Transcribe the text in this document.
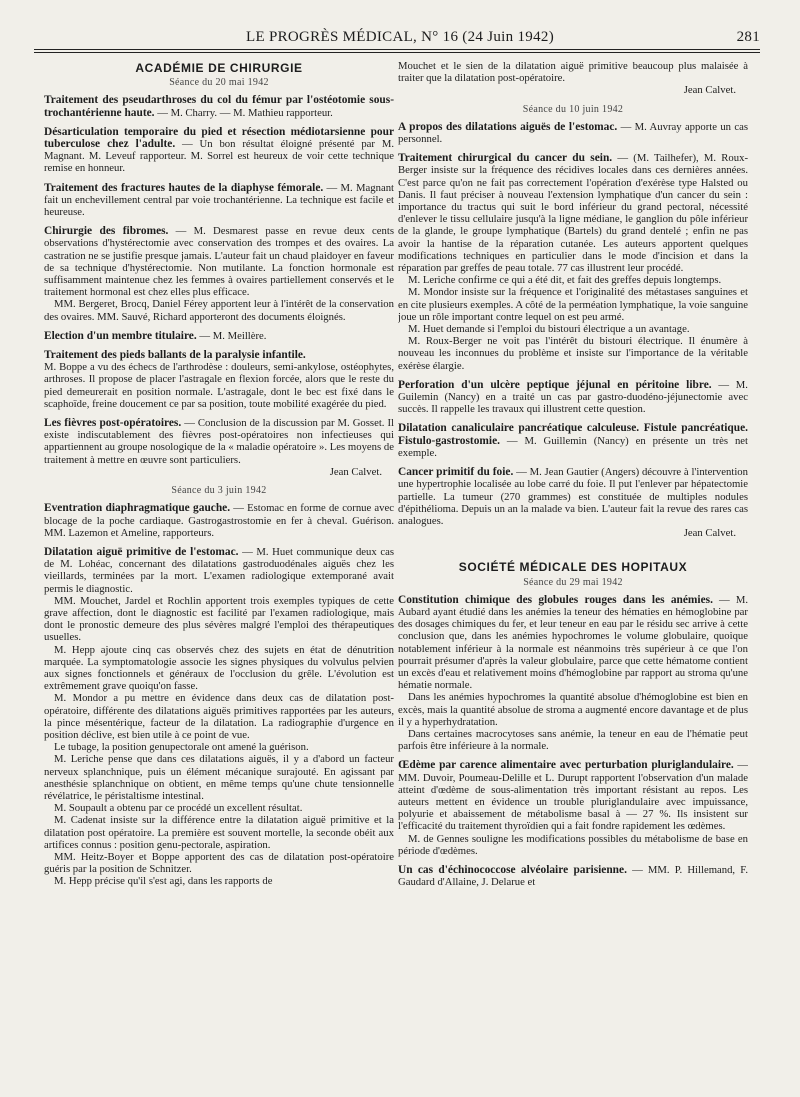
LE PROGRÈS MÉDICAL, N° 16 (24 Juin 1942)	281
ACADÉMIE DE CHIRURGIE
Séance du 20 mai 1942

Traitement des pseudarthroses du col du fémur par l'ostéotomie sous-trochantérienne haute. — M. Charry. — M. Mathieu rapporteur.

Désarticulation temporaire du pied et résection médiotarsienne pour tuberculose chez l'adulte. — Un bon résultat éloigné présenté par M. Magnant. M. Leveuf rapporteur. M. Sorrel est heureux de voir cette technique remise en honneur.

Traitement des fractures hautes de la diaphyse fémorale. — M. Magnant fait un enchevillement central par voie trochantérienne. La technique est facile et heureuse.

Chirurgie des fibromes. — M. Desmarest passe en revue deux cents observations d'hystérectomie avec conservation des trompes et des ovaires. La castration ne se justifie presque jamais. L'auteur fait un chaud plaidoyer en faveur de sa technique d'hystérectomie. Non mutilante. La fonction hormonale est suffisamment maintenue chez les femmes à ovaires partiellement conservés et le traitement hormonal est chez elles plus efficace.

MM. Bergeret, Brocq, Daniel Férey apportent leur à l'intérêt de la conservation des ovaires. MM. Sauvé, Richard apporteront des documents éloignés.

Election d'un membre titulaire. — M. Meillère.

Traitement des pieds ballants de la paralysie infantile.
M. Boppe a vu des échecs de l'arthrodèse : douleurs, semi-ankylose, ostéophytes, arthroses. Il propose de placer l'astragale en flexion forcée, alors que le reste du pied demeurerait en position normale. L'astragale, dont le bec est fixé dans le scaphoïde, freine doucement ce par sa position, toute mobilité exagérée du pied.

Les fièvres post-opératoires. — Conclusion de la discussion par M. Gosset. Il existe indiscutablement des fièvres post-opératoires non infectieuses qui appartiennent au groupe nosologique de la « maladie opératoire ». Les moyens de traitement à mettre en œuvre sont particuliers.

Jean Calvet.
Séance du 3 juin 1942

Eventration diaphragmatique gauche. — Estomac en forme de cornue avec blocage de la poche cardiaque. Gastrogastrostomie en fer à cheval. Guérison. MM. Lazemon et Ameline, rapporteurs.

Dilatation aiguë primitive de l'estomac. — M. Huet communique deux cas de M. Lohéac, concernant des dilatations gastroduodénales aiguës chez les vieillards, terminées par la mort. L'examen radiologique extemporané avait permis le diagnostic.

MM. Mouchet, Jardel et Rochlin apportent trois exemples typiques de cette grave affection, dont le diagnostic est facilité par l'examen radiologique, mais dont le pronostic demeure des plus sévères malgré l'emploi des thérapeutiques usuelles.

M. Hepp ajoute cinq cas observés chez des sujets en état de dénutrition marquée. La symptomatologie associe les signes physiques du volvulus pelvien aux signes fonctionnels et généraux de l'occlusion du grêle. L'évolution est extrêmement grave quoiqu'on fasse.

M. Mondor a pu mettre en évidence dans deux cas de dilatation post-opératoire, différente des dilatations aiguës primitives rapportées par les auteurs, la pince mésentérique, facteur de la dilatation. La radiographie d'urgence en position déclive, est bien utile à ce point de vue.

Le tubage, la position genupectorale ont amené la guérison.

M. Leriche pense que dans ces dilatations aiguës, il y a d'abord un facteur nerveux splanchnique, puis un élément mécanique surajouté. En agissant par anesthésie splanchnique on obtient, en même temps qu'une chute tensionnelle révélatrice, le péristaltisme intestinal.

M. Soupault a obtenu par ce procédé un excellent résultat.

M. Cadenat insiste sur la différence entre la dilatation aiguë primitive et la dilatation post opératoire. La première est souvent mortelle, la seconde obéit aux artifices connus : position genu-pectorale, aspiration.

MM. Heitz-Boyer et Boppe apportent des cas de dilatation post-opératoire guéris par la position de Schnitzer.

M. Hepp précise qu'il s'est agi, dans les rapports de

Mouchet et le sien de la dilatation aiguë primitive beaucoup plus malaisée à traiter que la dilatation post-opératoire.

Jean Calvet.
Séance du 10 juin 1942

A propos des dilatations aiguës de l'estomac. — M. Auvray apporte un cas personnel.

Traitement chirurgical du cancer du sein. — (M. Tailhefer), M. Roux-Berger insiste sur la fréquence des récidives locales dans ces dernières années. C'est parce qu'on ne fait pas correctement l'opération d'exérèse type Halsted ou Danis. Il faut préciser à nouveau l'extension lymphatique d'un cancer du sein : importance du tractus qui suit le bord inférieur du grand pectoral, nécessité d'enlever le tissu cellulaire jusqu'à la ligne médiane, le ganglion du pôle inférieur de la glande, le groupe lymphatique (Bartels) du grand dentelé ; enfin ne pas avoir la hantise de la réparation cutanée. Les auteurs apportent quelques modifications techniques en particulier dans le mode d'incision et dans la réparation par greffes de peau totale. 77 cas illustrent leur procédé.

M. Leriche confirme ce qui a été dit, et fait des greffes depuis longtemps.

M. Mondor insiste sur la fréquence et l'originalité des métastases sanguines et en cite plusieurs exemples. A côté de la perméation lymphatique, la voie sanguine joue un rôle important contre lequel on est peu armé.

M. Huet demande si l'emploi du bistouri électrique a un avantage.

M. Roux-Berger ne voit pas l'intérêt du bistouri électrique. Il énumère à nouveau les inconnues du problème et insiste sur l'importance de la véritable exérèse élargie.

Perforation d'un ulcère peptique jéjunal en péritoine libre. — M. Guilemin (Nancy) en a traité un cas par gastro-duodéno-jéjunectomie avec succès. Il rappelle les travaux qui illustrent cette question.

Dilatation canaliculaire pancréatique calculeuse. Fistule pancréatique. Fistulo-gastrostomie. — M. Guillemin (Nancy) en présente un très net exemple.

Cancer primitif du foie. — M. Jean Gautier (Angers) découvre à l'intervention une hypertrophie localisée au lobe carré du foie. Il put l'enlever par hépatectomie partielle. La tumeur (270 grammes) est constituée de multiples nodules d'épithélioma. Depuis un an la malade va bien. L'auteur fait la revue des rares cas analogues.

Jean Calvet.
SOCIÉTÉ MÉDICALE DES HOPITAUX
Séance du 29 mai 1942

Constitution chimique des globules rouges dans les anémies. — M. Aubard ayant étudié dans les anémies la teneur des hématies en hémoglobine par des dosages chimiques du fer, et leur teneur en eau par le résidu sec arrive à cette conclusion que, dans les anémies hypochromes le volume globulaire, quoique notablement inférieur à la normale est néanmoins très supérieur à ce que l'on pourrait présumer d'après la valeur globulaire, parce que cette hématome contient un excès d'eau et relativement moins d'hémoglobine par rapport au stroma qu'une hématie normale.

Dans les anémies hypochromes la quantité absolue d'hémoglobine est bien en excès, mais la quantité absolue de stroma a augmenté encore davantage et de plus il y a hyperhydratation.

Dans certaines macrocytoses sans anémie, la teneur en eau de l'hématie peut parfois être inférieure à la normale.

Œdème par carence alimentaire avec perturbation pluriglandulaire. — MM. Duvoir, Poumeau-Delille et L. Durupt rapportent l'observation d'un malade atteint d'œdème de sous-alimentation très important résistant au repos. Les auteurs mettent en évidence un trouble pluriglandulaire avec impuissance, polyurie et abaissement de métabolisme basal à — 27 %. Ils insistent sur l'efficacité du traitement thyroïdien qui a fait fondre rapidement les œdèmes.

M. de Gennes souligne les modifications possibles du métabolisme de base en période d'œdèmes.

Un cas d'échinococcose alvéolaire parisienne. — MM. P. Hillemand, F. Gaudard d'Allaine, J. Delarue et
